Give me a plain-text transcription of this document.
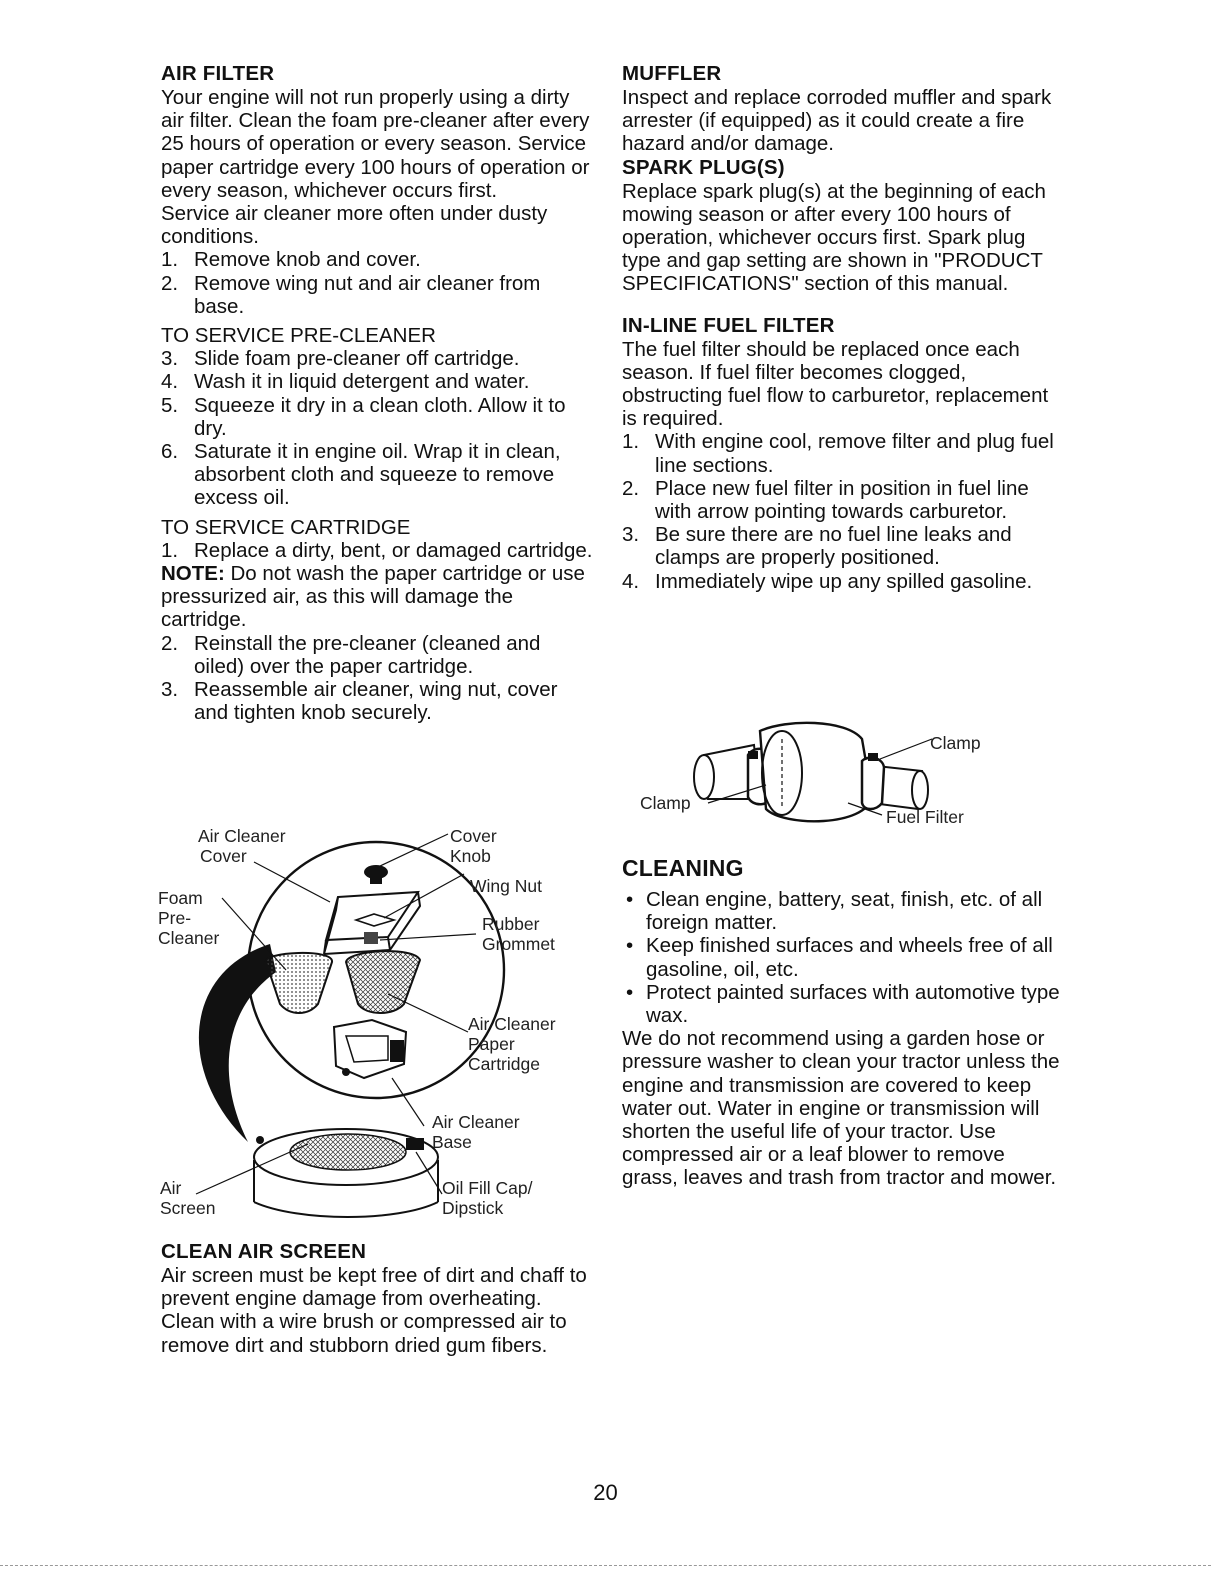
AIR FILTER

Your engine will not run properly using a dirty air filter. Clean the foam pre-cleaner after every 25 hours of operation or every season. Service paper cartridge every 100 hours of operation or every season, whichever occurs first.

Service air cleaner more often under dusty conditions.

1. Remove knob and cover.
2. Remove wing nut and air cleaner from base.

TO SERVICE PRE-CLEANER

3. Slide foam pre-cleaner off cartridge.
4. Wash it in liquid detergent and water.
5. Squeeze it dry in a clean cloth. Allow it to dry.
6. Saturate it in engine oil. Wrap it in clean, absorbent cloth and squeeze to remove excess oil.

TO SERVICE CARTRIDGE

1. Replace a dirty, bent, or damaged cartridge.

NOTE: Do not wash the paper cartridge or use pressurized air, as this will damage the cartridge.

2. Reinstall the pre-cleaner (cleaned and oiled) over the paper cartridge.
3. Reassemble air cleaner, wing nut, cover and tighten knob securely.
Air Cleaner
Cover
Cover
Knob
Foam
Pre-
Cleaner
Wing Nut
Rubber
Grommet
Air Cleaner
Paper
Cartridge
Air Cleaner
Base
Air
Screen
Oil Fill Cap/
Dipstick
CLEAN AIR SCREEN

Air screen must be kept free of dirt and chaff to prevent engine damage from overheating. Clean with a wire brush or compressed air to remove dirt and stubborn dried gum fibers.

MUFFLER

Inspect and replace corroded muffler and spark arrester (if equipped) as it could create a fire hazard and/or damage.

SPARK PLUG(S)

Replace spark plug(s) at the beginning of each mowing season or after every 100 hours of operation, whichever occurs first. Spark plug type and gap setting are shown in "PRODUCT SPECIFICATIONS" section of this manual.

IN-LINE FUEL FILTER

The fuel filter should be replaced once each season. If fuel filter becomes clogged, obstructing fuel flow to carburetor, replacement is required.

1. With engine cool, remove filter and plug fuel line sections.
2. Place new fuel filter in position in fuel line with arrow pointing towards carburetor.
3. Be sure there are no fuel line leaks and clamps are properly positioned.
4. Immediately wipe up any spilled gasoline.
Clamp
Clamp
Fuel Filter
CLEANING
• Clean engine, battery, seat, finish, etc. of all foreign matter.
• Keep finished surfaces and wheels free of all gasoline, oil, etc.
• Protect painted surfaces with automotive type wax.

We do not recommend using a garden hose or pressure washer to clean your tractor unless the engine and transmission are covered to keep water out. Water in engine or transmission will shorten the useful life of your tractor. Use compressed air or a leaf blower to remove grass, leaves and trash from tractor and mower.

20
